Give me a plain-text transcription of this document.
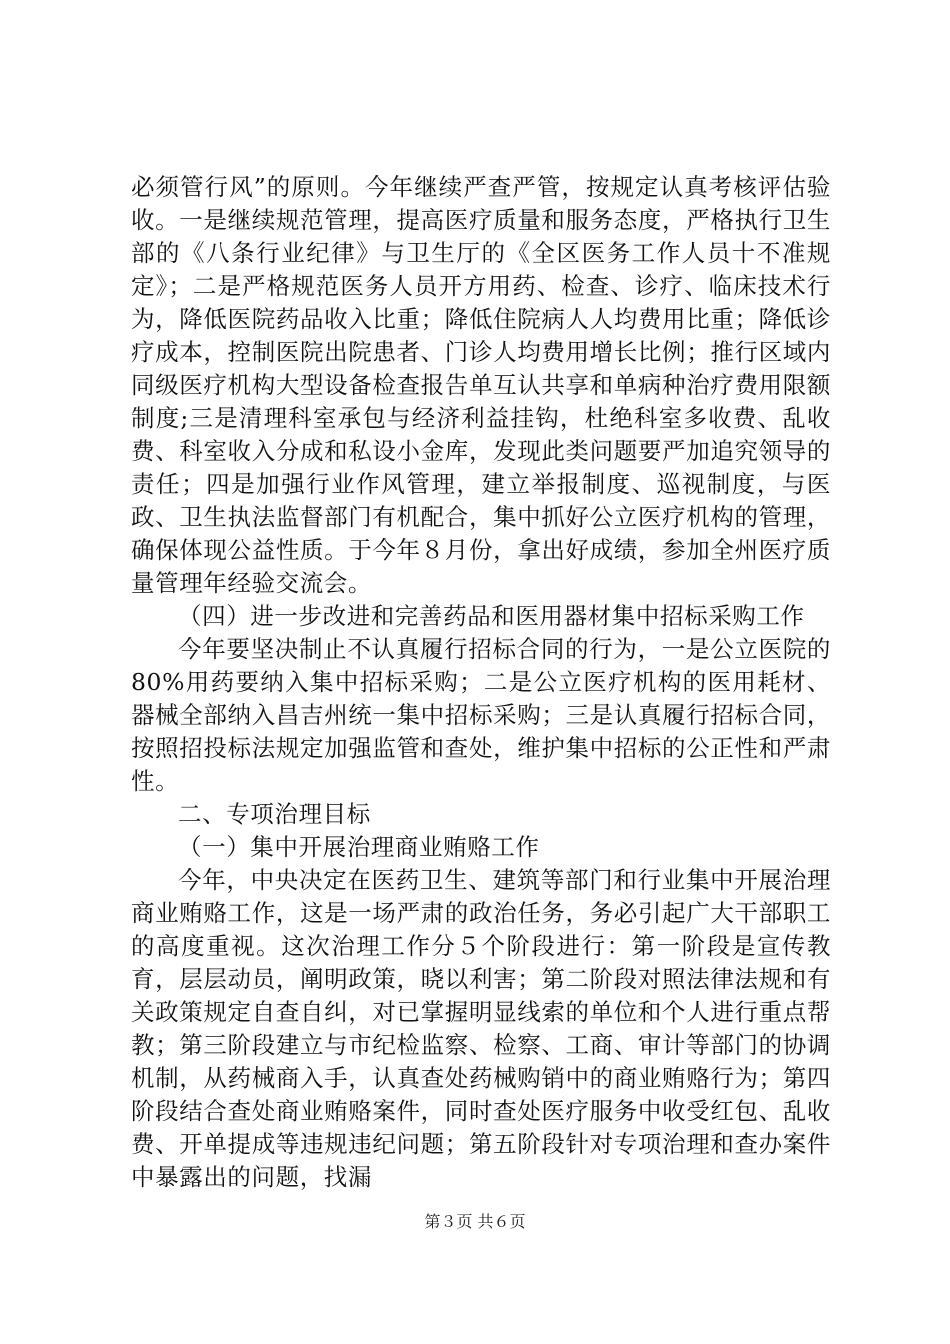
必须管行风”的原则。今年继续严查严管，按规定认真考核评估验收。一是继续规范管理，提高医疗质量和服务态度，严格执行卫生部的《八条行业纪律》与卫生厅的《全区医务工作人员十不准规定》；二是严格规范医务人员开方用药、检查、诊疗、临床技术行为，降低医院药品收入比重；降低住院病人人均费用比重；降低诊疗成本，控制医院出院患者、门诊人均费用增长比例；推行区域内同级医疗机构大型设备检查报告单互认共享和单病种治疗费用限额制度;三是清理科室承包与经济利益挂钩，杜绝科室多收费、乱收费、科室收入分成和私设小金库，发现此类问题要严加追究领导的责任；四是加强行业作风管理，建立举报制度、巡视制度，与医政、卫生执法监督部门有机配合，集中抓好公立医疗机构的管理，确保体现公益性质。于今年８月份，拿出好成绩，参加全州医疗质量管理年经验交流会。

（四）进一步改进和完善药品和医用器材集中招标采购工作

今年要坚决制止不认真履行招标合同的行为，一是公立医院的80%用药要纳入集中招标采购；二是公立医疗机构的医用耗材、器械全部纳入昌吉州统一集中招标采购；三是认真履行招标合同，按照招投标法规定加强监管和查处，维护集中招标的公正性和严肃性。

二、专项治理目标

（一）集中开展治理商业贿赂工作

今年，中央决定在医药卫生、建筑等部门和行业集中开展治理商业贿赂工作，这是一场严肃的政治任务，务必引起广大干部职工的高度重视。这次治理工作分５个阶段进行：第一阶段是宣传教育，层层动员，阐明政策，晓以利害；第二阶段对照法律法规和有关政策规定自查自纠，对已掌握明显线索的单位和个人进行重点帮教；第三阶段建立与市纪检监察、检察、工商、审计等部门的协调机制，从药械商入手，认真查处药械购销中的商业贿赂行为；第四阶段结合查处商业贿赂案件，同时查处医疗服务中收受红包、乱收费、开单提成等违规违纪问题；第五阶段针对专项治理和查办案件中暴露出的问题，找漏

第３页 共６页
